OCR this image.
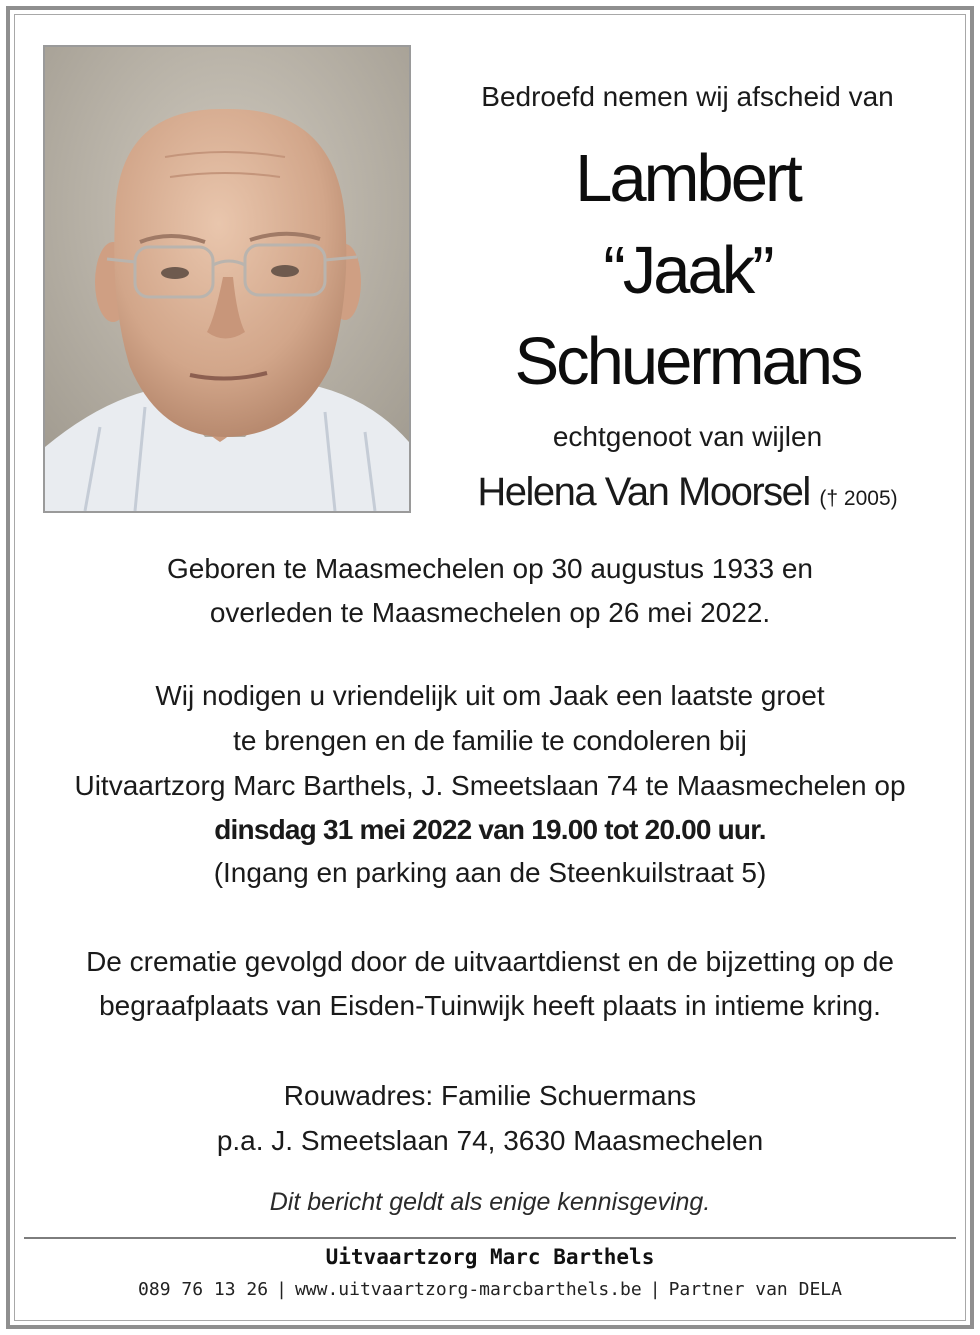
Bedroefd nemen wij afscheid van
Lambert
“Jaak”
Schuermans
echtgenoot van wijlen
Helena Van Moorsel († 2005)
Geboren te Maasmechelen op 30 augustus 1933 en
overleden te Maasmechelen op 26 mei 2022.
Wij nodigen u vriendelijk uit om Jaak een laatste groet
te brengen en de familie te condoleren bij
Uitvaartzorg Marc Barthels, J. Smeetslaan 74 te Maasmechelen op
dinsdag 31 mei 2022 van 19.00 tot 20.00 uur.
(Ingang en parking aan de Steenkuilstraat 5)
De crematie gevolgd door de uitvaartdienst en de bijzetting op de
begraafplaats van Eisden-Tuinwijk heeft plaats in intieme kring.
Rouwadres: Familie Schuermans
p.a. J. Smeetslaan 74, 3630 Maasmechelen
Dit bericht geldt als enige kennisgeving.
Uitvaartzorg Marc Barthels
089 76 13 26 | www.uitvaartzorg-marcbarthels.be | Partner van DELA
